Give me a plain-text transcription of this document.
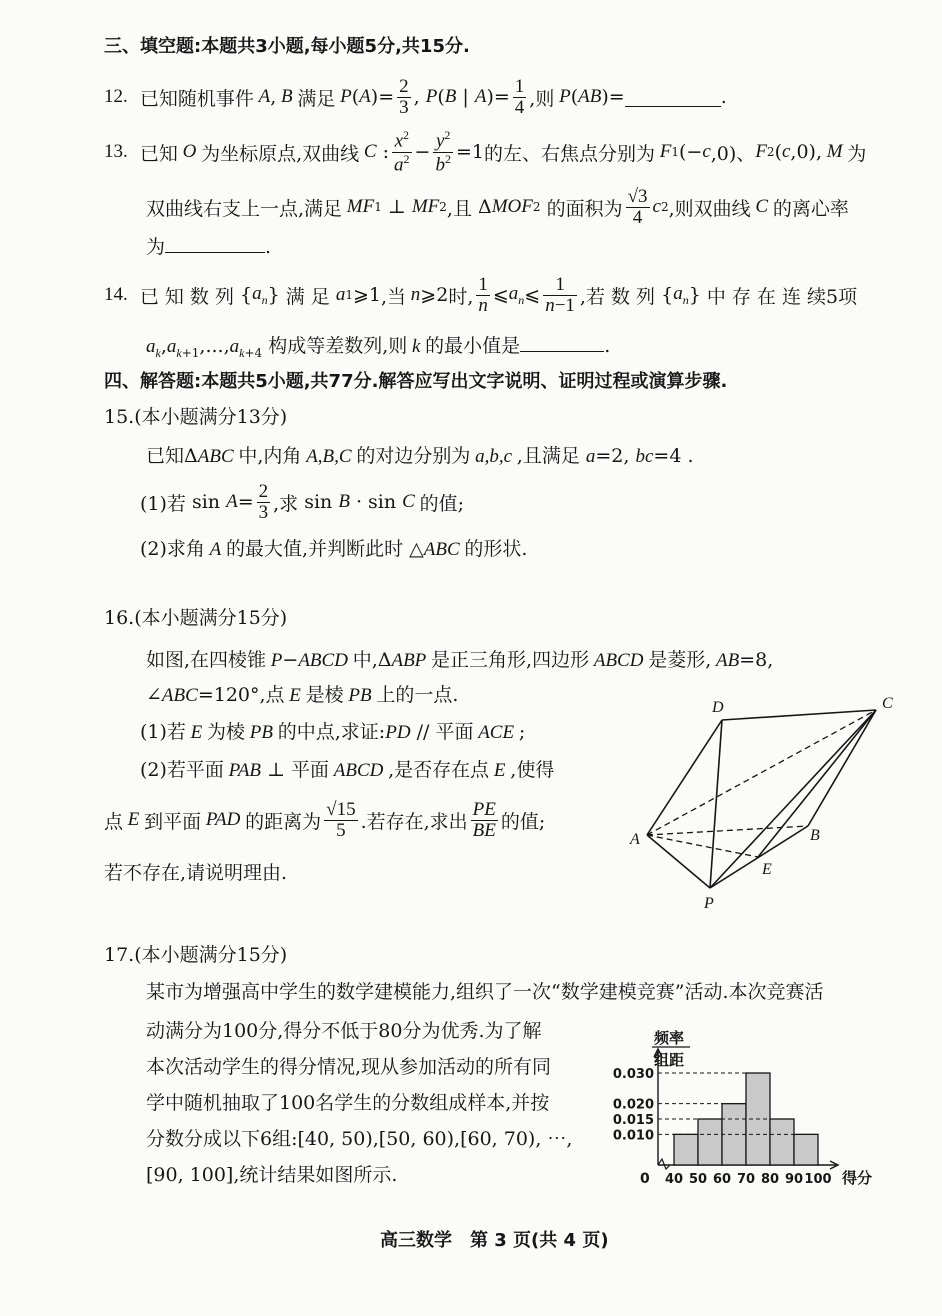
三、填空题:本题共3小题,每小题5分,共15分.
12.
已知随机事件 A , B 满足 P ( A )= $\frac{2}{3}$ , P ( B | A )= $\frac{1}{4}$ ,则 P ( AB )=	.
13.
已知 O 为坐标原点,双曲线 C : $\frac{x^2}{a^2} - \frac{y^2}{b^2} =1$ 的左、右焦点分别为 F 1 (− c ,0)、 F 2 ( c ,0), M 为
双曲线右支上一点,满足 MF 1 ⊥ MF 2 ,且 Δ MOF 2
的面积为 $\frac{√3}{4}$ c 2 ,则双曲线 C 的离心率
为	.
14.
已 知 数 列 { $a_n$ } 满 足
a 1 ⩾1 ,当 n ⩾2 时, $\frac{1}{n}$ ⩽ $a_n$ ⩽ $\frac{1}{n-1}$ ,若 数 列 { $a_n$ } 中 存 在 连 续5项
$a_k,a_{k+1},...,a_{k+4}$ 构成等差数列,则 k 的最小值是	.
四、解答题:本题共5小题,共77分.解答应写出文字说明、证明过程或演算步骤.
15.(本小题满分13分)
已知ΔABC 中,内角 A,B,C 的对边分别为 a,b,c ,且满足 a=2, bc=4 .
(1)若 $\sin A = \frac{2}{3}$ ,求 sin B · sin C 的值;
(2)求角 A 的最大值,并判断此时 △ABC 的形状.
16.(本小题满分15分)
如图,在四棱锥 P−ABCD 中,ΔABP 是正三角形,四边形 ABCD 是菱形, AB=8,
∠ABC=120°,点 E 是棱 PB 上的一点.
(1)若 E 为棱 PB 的中点,求证:PD // 平面 ACE ;
(2)若平面 PAB ⊥ 平面 ABCD ,是否存在点 E ,使得
点 E 到平面 PAD 的距离为 $\frac{√15}{5}$ .若存在,求出 $\frac{PE}{BE}$ 的值;
若不存在,请说明理由.
A	B
C
D
E
P
17.(本小题满分15分)
某市为增强高中学生的数学建模能力,组织了一次“数学建模竞赛”活动.本次竞赛活
动满分为100分,得分不低于80分为优秀.为了解
本次活动学生的得分情况,现从参加活动的所有同
学中随机抽取了100名学生的分数组成样本,并按
分数分成以下6组:[40, 50),[50, 60),[60, 70), ⋯,
[90, 100],统计结果如图所示.
频率
组距
0	得分
0.010
0.015
0.020
0.030
40 50 60 70 80 90 100
高三数学　第 3 页(共 4 页)
